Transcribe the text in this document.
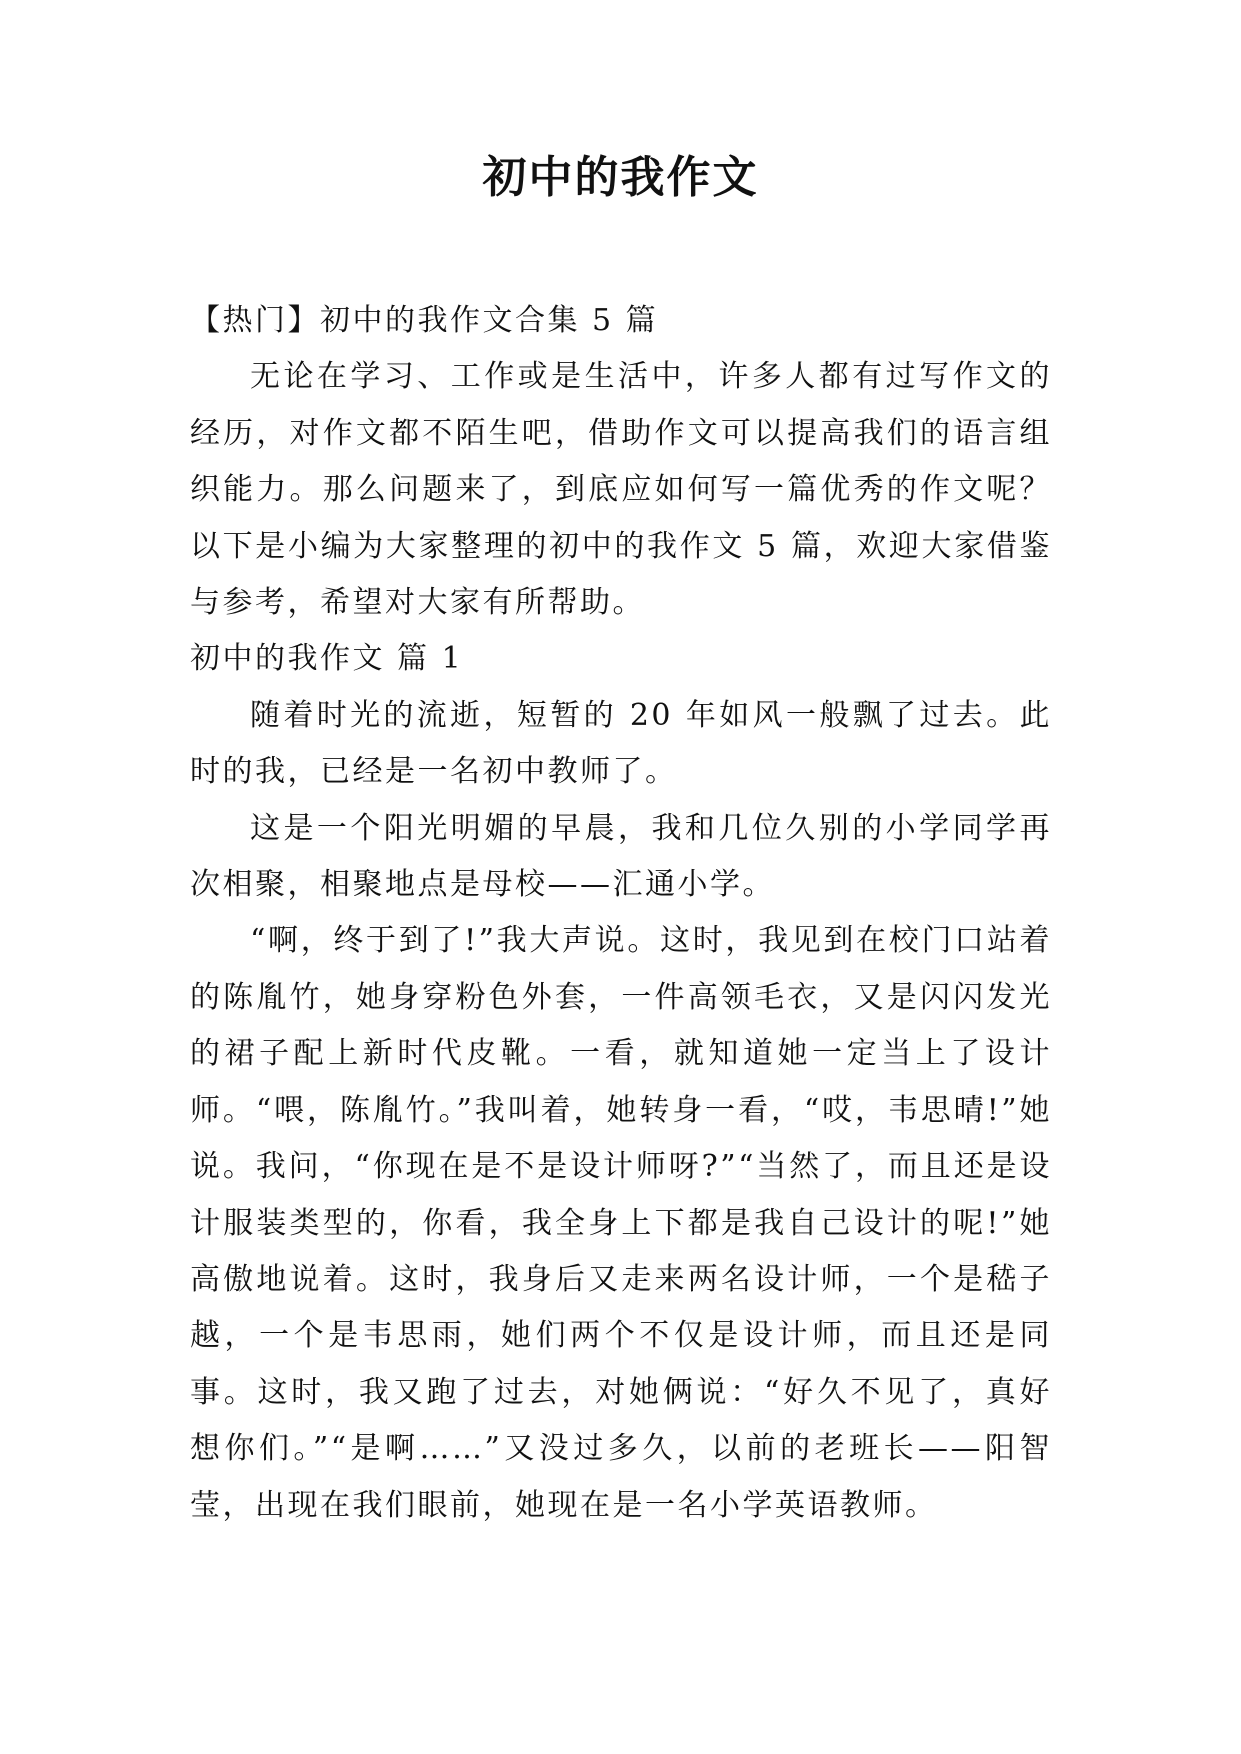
初中的我作文

【热门】初中的我作文合集 5 篇

无论在学习、工作或是生活中，许多人都有过写作文的经历，对作文都不陌生吧，借助作文可以提高我们的语言组织能力。那么问题来了，到底应如何写一篇优秀的作文呢？以下是小编为大家整理的初中的我作文 5 篇，欢迎大家借鉴与参考，希望对大家有所帮助。

初中的我作文 篇 1

随着时光的流逝，短暂的 20 年如风一般飘了过去。此时的我，已经是一名初中教师了。

这是一个阳光明媚的早晨，我和几位久别的小学同学再次相聚，相聚地点是母校——汇通小学。

“啊，终于到了!”我大声说。这时，我见到在校门口站着的陈胤竹，她身穿粉色外套，一件高领毛衣，又是闪闪发光的裙子配上新时代皮靴。一看，就知道她一定当上了设计师。“喂，陈胤竹。”我叫着，她转身一看，“哎，韦思晴!”她说。我问，“你现在是不是设计师呀?”“当然了，而且还是设计服装类型的，你看，我全身上下都是我自己设计的呢!”她高傲地说着。这时，我身后又走来两名设计师，一个是嵇子越，一个是韦思雨，她们两个不仅是设计师，而且还是同事。这时，我又跑了过去，对她俩说：“好久不见了，真好想你们。”“是啊……”又没过多久，以前的老班长——阳智莹，出现在我们眼前，她现在是一名小学英语教师。
